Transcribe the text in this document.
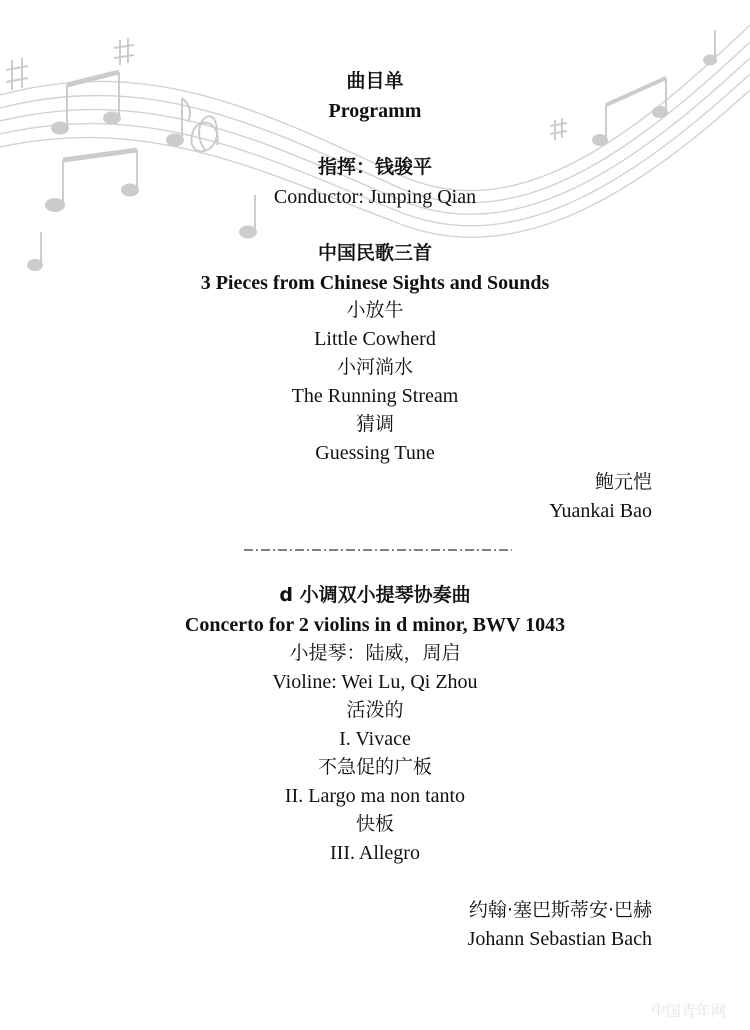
曲目单
Programm
指挥：钱骏平
Conductor: Junping Qian
中国民歌三首
3 Pieces from Chinese Sights and Sounds
小放牛
Little Cowherd
小河淌水
The Running Stream
猜调
Guessing Tune
鲍元恺
Yuankai Bao
d 小调双小提琴协奏曲
Concerto for 2 violins in d minor, BWV 1043
小提琴：陆威，周启
Violine: Wei Lu, Qi Zhou
活泼的
I. Vivace
不急促的广板
II. Largo ma non tanto
快板
III. Allegro
约翰·塞巴斯蒂安·巴赫
Johann Sebastian Bach
中国青年网
